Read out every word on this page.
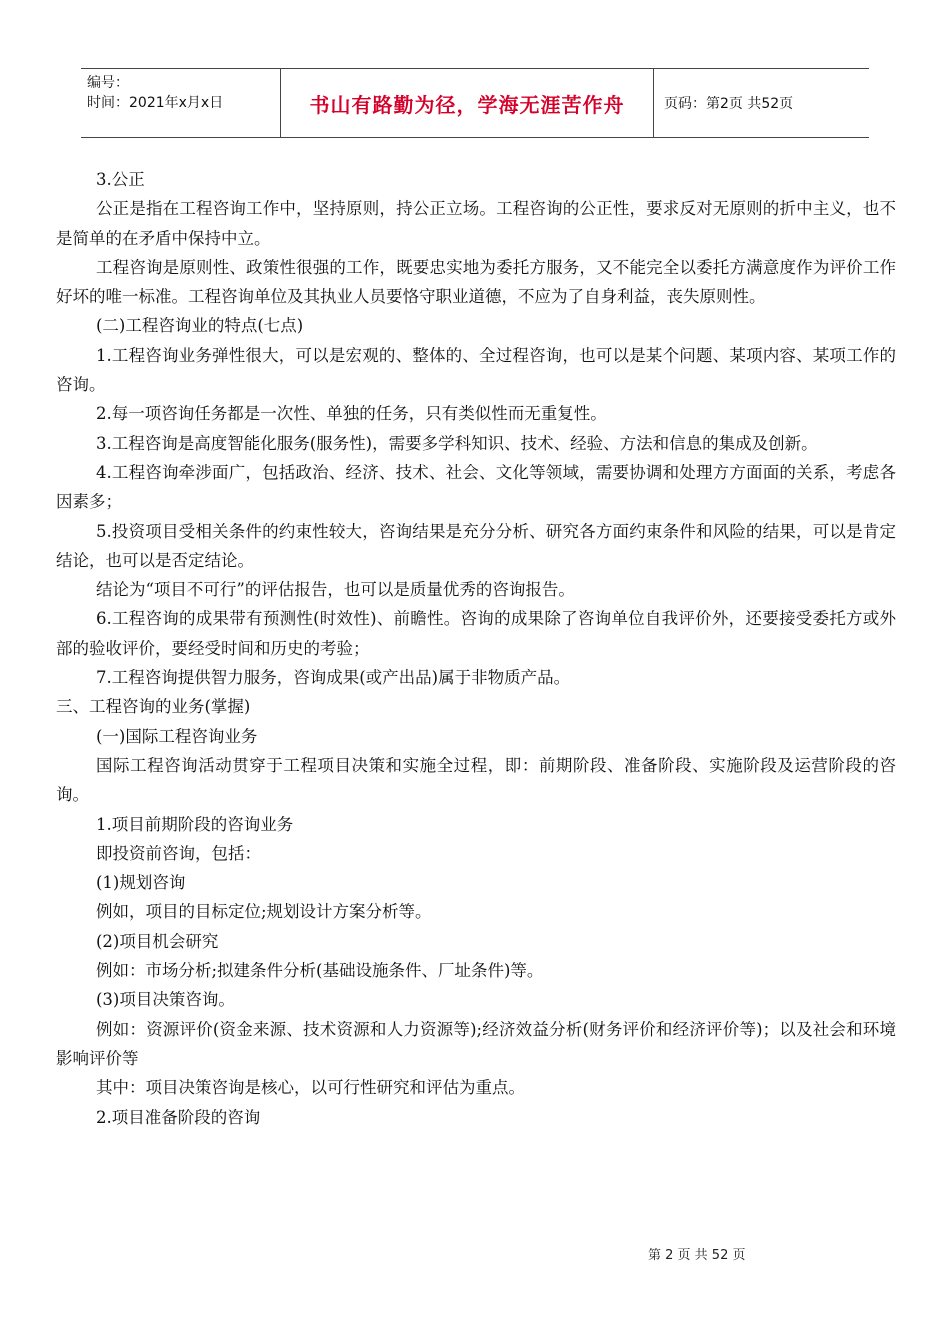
编号：
时间：2021年x月x日	书山有路勤为径，学海无涯苦作舟	页码：第2页 共52页

3.公正

公正是指在工程咨询工作中，坚持原则，持公正立场。工程咨询的公正性，要求反对无原则的折中主义，也不是简单的在矛盾中保持中立。

工程咨询是原则性、政策性很强的工作，既要忠实地为委托方服务，又不能完全以委托方满意度作为评价工作好坏的唯一标准。工程咨询单位及其执业人员要恪守职业道德，不应为了自身利益，丧失原则性。

(二)工程咨询业的特点(七点)

1.工程咨询业务弹性很大，可以是宏观的、整体的、全过程咨询，也可以是某个问题、某项内容、某项工作的咨询。

2.每一项咨询任务都是一次性、单独的任务，只有类似性而无重复性。

3.工程咨询是高度智能化服务(服务性)，需要多学科知识、技术、经验、方法和信息的集成及创新。

4.工程咨询牵涉面广，包括政治、经济、技术、社会、文化等领域，需要协调和处理方方面面的关系，考虑各因素多；

5.投资项目受相关条件的约束性较大，咨询结果是充分分析、研究各方面约束条件和风险的结果，可以是肯定结论，也可以是否定结论。

结论为“项目不可行”的评估报告，也可以是质量优秀的咨询报告。

6.工程咨询的成果带有预测性(时效性)、前瞻性。咨询的成果除了咨询单位自我评价外，还要接受委托方或外部的验收评价，要经受时间和历史的考验；

7.工程咨询提供智力服务，咨询成果(或产出品)属于非物质产品。

三、工程咨询的业务(掌握)

(一)国际工程咨询业务

国际工程咨询活动贯穿于工程项目决策和实施全过程，即：前期阶段、准备阶段、实施阶段及运营阶段的咨询。

1.项目前期阶段的咨询业务

即投资前咨询，包括：

(1)规划咨询

例如，项目的目标定位;规划设计方案分析等。

(2)项目机会研究

例如：市场分析;拟建条件分析(基础设施条件、厂址条件)等。

(3)项目决策咨询。

例如：资源评价(资金来源、技术资源和人力资源等);经济效益分析(财务评价和经济评价等)；以及社会和环境影响评价等

其中：项目决策咨询是核心，以可行性研究和评估为重点。

2.项目准备阶段的咨询

第 2 页 共 52 页
